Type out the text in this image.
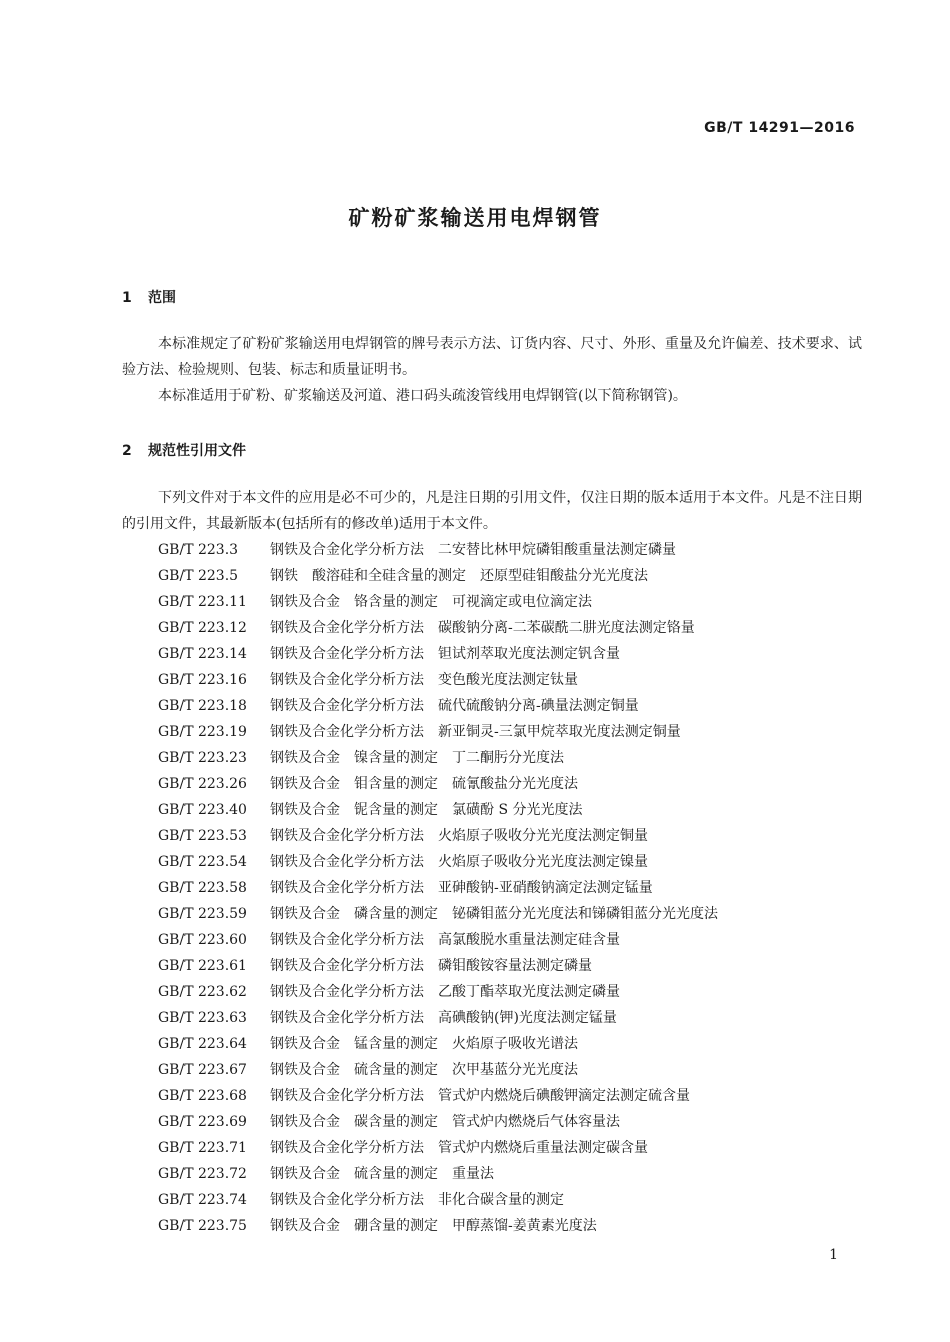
GB/T 14291—2016
矿粉矿浆输送用电焊钢管
1 范围

本标准规定了矿粉矿浆输送用电焊钢管的牌号表示方法、订货内容、尺寸、外形、重量及允许偏差、技术要求、试验方法、检验规则、包装、标志和质量证明书。

本标准适用于矿粉、矿浆输送及河道、港口码头疏浚管线用电焊钢管(以下简称钢管)。

2 规范性引用文件

下列文件对于本文件的应用是必不可少的，凡是注日期的引用文件，仅注日期的版本适用于本文件。凡是不注日期的引用文件，其最新版本(包括所有的修改单)适用于本文件。

GB/T 223.3 钢铁及合金化学分析方法　二安替比林甲烷磷钼酸重量法测定磷量
GB/T 223.5 钢铁　酸溶硅和全硅含量的测定　还原型硅钼酸盐分光光度法
GB/T 223.11 钢铁及合金　铬含量的测定　可视滴定或电位滴定法
GB/T 223.12 钢铁及合金化学分析方法　碳酸钠分离-二苯碳酰二肼光度法测定铬量
GB/T 223.14 钢铁及合金化学分析方法　钽试剂萃取光度法测定钒含量
GB/T 223.16 钢铁及合金化学分析方法　变色酸光度法测定钛量
GB/T 223.18 钢铁及合金化学分析方法　硫代硫酸钠分离-碘量法测定铜量
GB/T 223.19 钢铁及合金化学分析方法　新亚铜灵-三氯甲烷萃取光度法测定铜量
GB/T 223.23 钢铁及合金　镍含量的测定　丁二酮肟分光度法
GB/T 223.26 钢铁及合金　钼含量的测定　硫氰酸盐分光光度法
GB/T 223.40 钢铁及合金　铌含量的测定　氯磺酚 S 分光光度法
GB/T 223.53 钢铁及合金化学分析方法　火焰原子吸收分光光度法测定铜量
GB/T 223.54 钢铁及合金化学分析方法　火焰原子吸收分光光度法测定镍量
GB/T 223.58 钢铁及合金化学分析方法　亚砷酸钠-亚硝酸钠滴定法测定锰量
GB/T 223.59 钢铁及合金　磷含量的测定　铋磷钼蓝分光光度法和锑磷钼蓝分光光度法
GB/T 223.60 钢铁及合金化学分析方法　高氯酸脱水重量法测定硅含量
GB/T 223.61 钢铁及合金化学分析方法　磷钼酸铵容量法测定磷量
GB/T 223.62 钢铁及合金化学分析方法　乙酸丁酯萃取光度法测定磷量
GB/T 223.63 钢铁及合金化学分析方法　高碘酸钠(钾)光度法测定锰量
GB/T 223.64 钢铁及合金　锰含量的测定　火焰原子吸收光谱法
GB/T 223.67 钢铁及合金　硫含量的测定　次甲基蓝分光光度法
GB/T 223.68 钢铁及合金化学分析方法　管式炉内燃烧后碘酸钾滴定法测定硫含量
GB/T 223.69 钢铁及合金　碳含量的测定　管式炉内燃烧后气体容量法
GB/T 223.71 钢铁及合金化学分析方法　管式炉内燃烧后重量法测定碳含量
GB/T 223.72 钢铁及合金　硫含量的测定　重量法
GB/T 223.74 钢铁及合金化学分析方法　非化合碳含量的测定
GB/T 223.75 钢铁及合金　硼含量的测定　甲醇蒸馏-姜黄素光度法
1
